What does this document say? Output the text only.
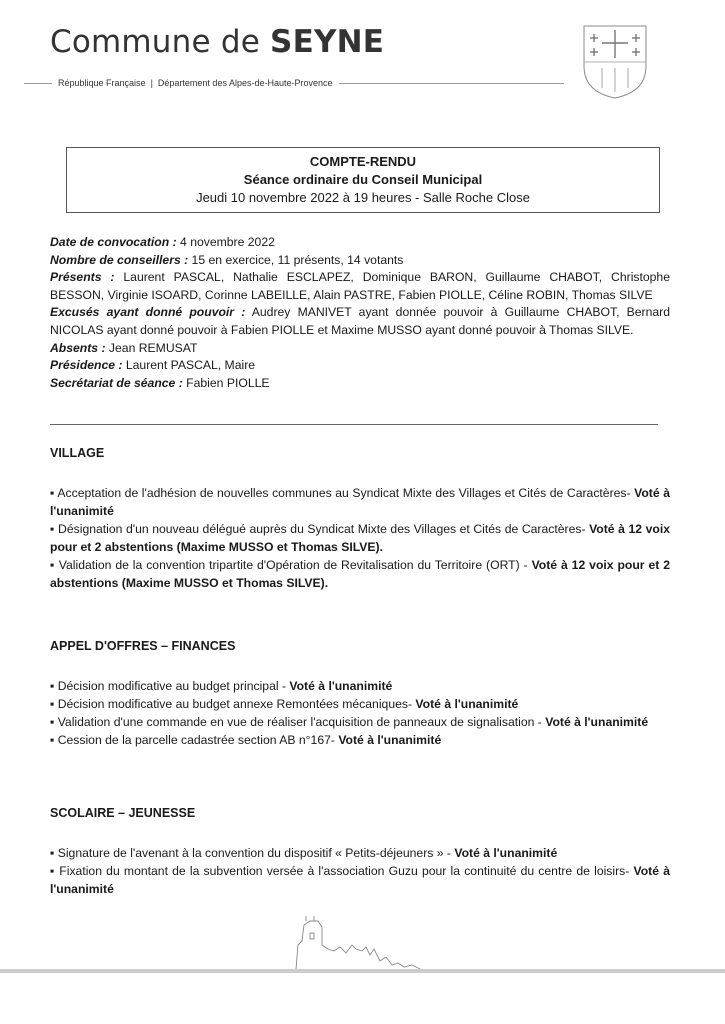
Commune de SEYNE
République Française | Département des Alpes-de-Haute-Provence
COMPTE-RENDU
Séance ordinaire du Conseil Municipal
Jeudi 10 novembre 2022 à 19 heures - Salle Roche Close

Date de convocation : 4 novembre 2022

Nombre de conseillers : 15 en exercice, 11 présents, 14 votants

Présents : Laurent PASCAL, Nathalie ESCLAPEZ, Dominique BARON, Guillaume CHABOT, Christophe BESSON, Virginie ISOARD, Corinne LABEILLE, Alain PASTRE, Fabien PIOLLE, Céline ROBIN, Thomas SILVE

Excusés ayant donné pouvoir : Audrey MANIVET ayant donnée pouvoir à Guillaume CHABOT, Bernard NICOLAS ayant donné pouvoir à Fabien PIOLLE et Maxime MUSSO ayant donné pouvoir à Thomas SILVE.

Absents : Jean REMUSAT

Présidence : Laurent PASCAL, Maire

Secrétariat de séance : Fabien PIOLLE

VILLAGE

▪ Acceptation de l'adhésion de nouvelles communes au Syndicat Mixte des Villages et Cités de Caractères- Voté à l'unanimité

▪ Désignation d'un nouveau délégué auprès du Syndicat Mixte des Villages et Cités de Caractères- Voté à 12 voix pour et 2 abstentions (Maxime MUSSO et Thomas SILVE).

▪ Validation de la convention tripartite d'Opération de Revitalisation du Territoire (ORT) - Voté à 12 voix pour et 2 abstentions (Maxime MUSSO et Thomas SILVE).

APPEL D'OFFRES – FINANCES

▪ Décision modificative au budget principal - Voté à l'unanimité

▪ Décision modificative au budget annexe Remontées mécaniques- Voté à l'unanimité

▪ Validation d'une commande en vue de réaliser l'acquisition de panneaux de signalisation - Voté à l'unanimité

▪ Cession de la parcelle cadastrée section AB n°167- Voté à l'unanimité

SCOLAIRE – JEUNESSE

▪ Signature de l'avenant à la convention du dispositif « Petits-déjeuners » - Voté à l'unanimité

▪ Fixation du montant de la subvention versée à l'association Guzu pour la continuité du centre de loisirs- Voté à l'unanimité
